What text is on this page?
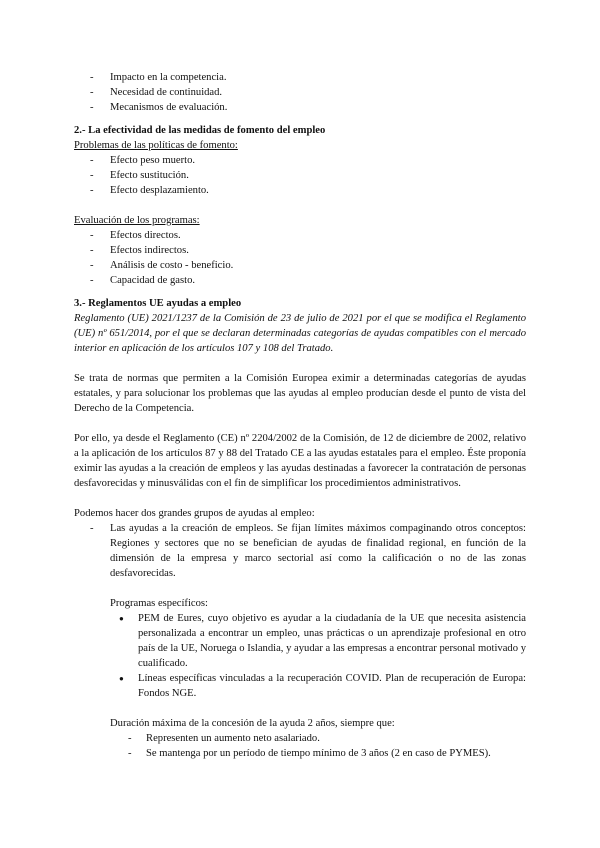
- Impacto en la competencia.
- Necesidad de continuidad.
- Mecanismos de evaluación.

2.- La efectividad de las medidas de fomento del empleo

Problemas de las políticas de fomento:

- Efecto peso muerto.
- Efecto sustitución.
- Efecto desplazamiento.

Evaluación de los programas:

- Efectos directos.
- Efectos indirectos.
- Análisis de costo - beneficio.
- Capacidad de gasto.

3.- Reglamentos UE ayudas a empleo

Reglamento (UE) 2021/1237 de la Comisión de 23 de julio de 2021 por el que se modifica el Reglamento (UE) nº 651/2014, por el que se declaran determinadas categorías de ayudas compatibles con el mercado interior en aplicación de los artículos 107 y 108 del Tratado.

Se trata de normas que permiten a la Comisión Europea eximir a determinadas categorías de ayudas estatales, y para solucionar los problemas que las ayudas al empleo producían desde el punto de vista del Derecho de la Competencia.

Por ello, ya desde el Reglamento (CE) nº 2204/2002 de la Comisión, de 12 de diciembre de 2002, relativo a la aplicación de los artículos 87 y 88 del Tratado CE a las ayudas estatales para el empleo. Éste proponía eximir las ayudas a la creación de empleos y las ayudas destinadas a favorecer la contratación de personas desfavorecidas y minusválidas con el fin de simplificar los procedimientos administrativos.

Podemos hacer dos grandes grupos de ayudas al empleo:

- Las ayudas a la creación de empleos. Se fijan límites máximos compaginando otros conceptos: Regiones y sectores que no se benefician de ayudas de finalidad regional, en función de la dimensión de la empresa y marco sectorial así como la calificación o no de las zonas desfavorecidas.

Programas específicos:

● PEM de Eures, cuyo objetivo es ayudar a la ciudadanía de la UE que necesita asistencia personalizada a encontrar un empleo, unas prácticas o un aprendizaje profesional en otro país de la UE, Noruega o Islandia, y ayudar a las empresas a encontrar personal motivado y cualificado.
● Líneas específicas vinculadas a la recuperación COVID. Plan de recuperación de Europa: Fondos NGE.

Duración máxima de la concesión de la ayuda 2 años, siempre que:

- Representen un aumento neto asalariado.
- Se mantenga por un período de tiempo mínimo de 3 años (2 en caso de PYMES).
